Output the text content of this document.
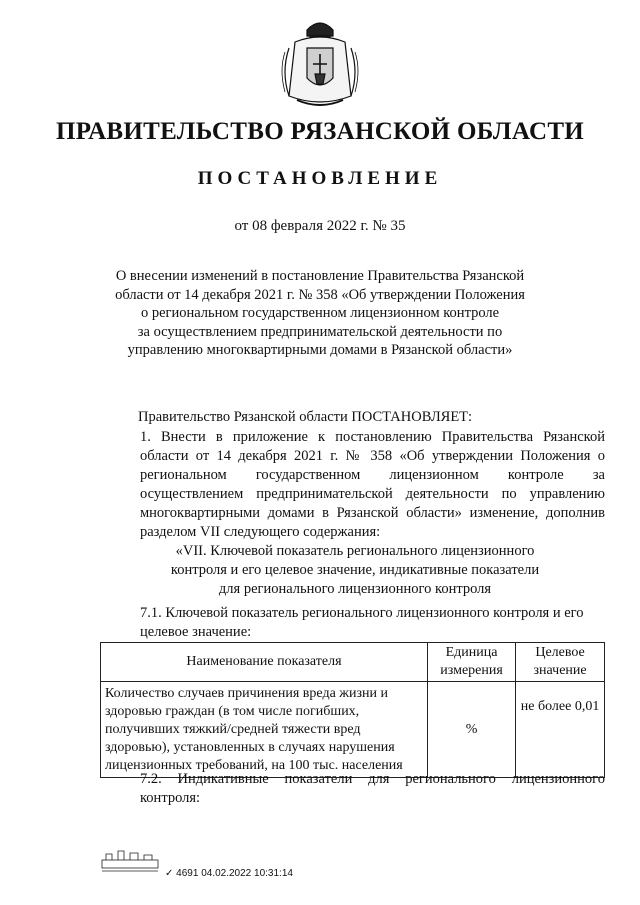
ПРАВИТЕЛЬСТВО РЯЗАНСКОЙ ОБЛАСТИ
ПОСТАНОВЛЕНИЕ
от 08 февраля 2022 г. № 35
О внесении изменений в постановление Правительства Рязанской
области от 14 декабря 2021 г. № 358 «Об утверждении Положения
о региональном государственном лицензионном контроле
за осуществлением предпринимательской деятельности по
управлению многоквартирными домами в Рязанской области»
Правительство Рязанской области ПОСТАНОВЛЯЕТ:
1. Внести в приложение к постановлению Правительства Рязанской области от 14 декабря 2021 г. № 358 «Об утверждении Положения о региональном государственном лицензионном контроле за осуществлением предпринимательской деятельности по управлению многоквартирными домами в Рязанской области» изменение, дополнив разделом VII следующего содержания:
«VII. Ключевой показатель регионального лицензионного
контроля и его целевое значение, индикативные показатели
для регионального лицензионного контроля
7.1. Ключевой показатель регионального лицензионного контроля и его целевое значение:
Наименование показателя	Единица измерения	Целевое значение
Количество случаев причинения вреда жизни и здоровью граждан (в том числе погибших, получивших тяжкий/средней тяжести вред здоровью), установленных в случаях нарушения лицензионных требований, на 100 тыс. населения	%	не более 0,01
7.2. Индикативные показатели для регионального лицензионного контроля:
✓ 4691 04.02.2022 10:31:14
